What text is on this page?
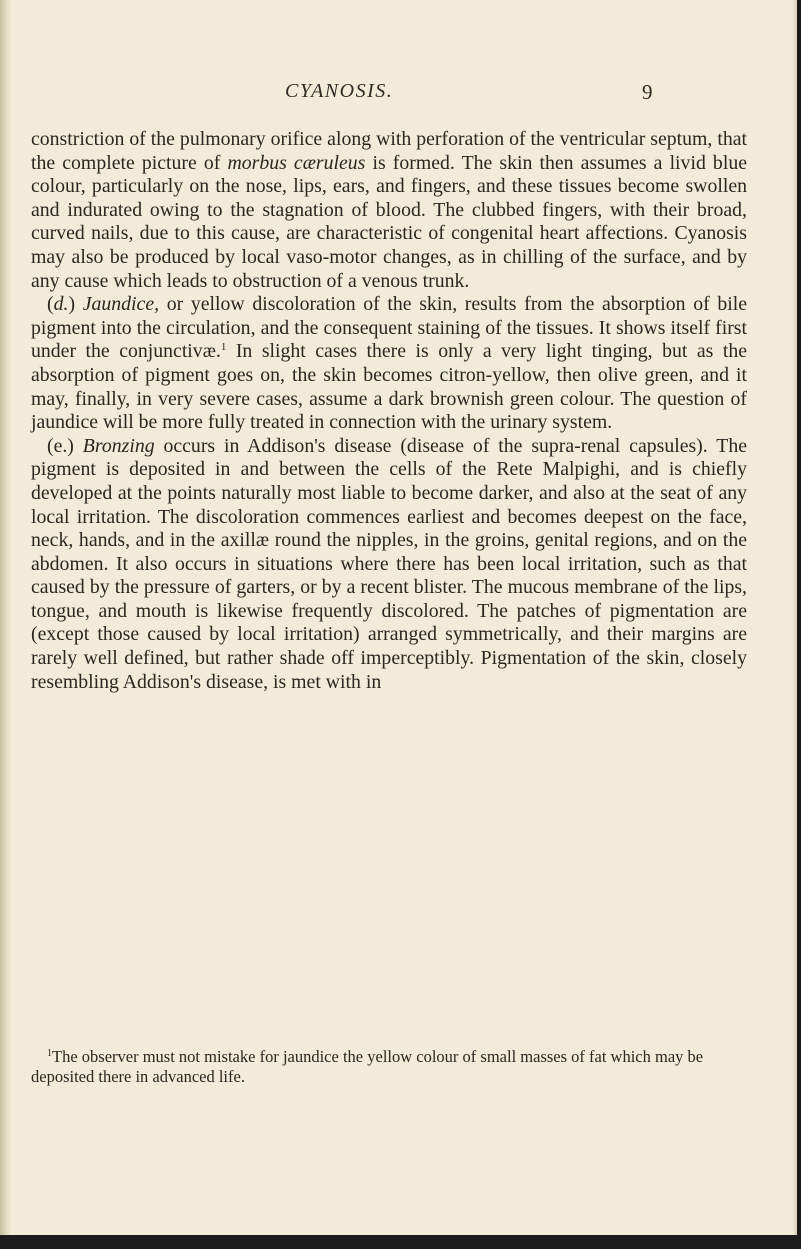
CYANOSIS.	9

constriction of the pulmonary orifice along with perforation of the ventricular septum, that the complete picture of morbus cæruleus is formed. The skin then assumes a livid blue colour, particularly on the nose, lips, ears, and fingers, and these tissues become swollen and indurated owing to the stagnation of blood. The clubbed fingers, with their broad, curved nails, due to this cause, are characteristic of congenital heart affections. Cyanosis may also be produced by local vaso-motor changes, as in chilling of the surface, and by any cause which leads to obstruction of a venous trunk.

(d.) Jaundice, or yellow discoloration of the skin, results from the absorption of bile pigment into the circulation, and the consequent staining of the tissues. It shows itself first under the conjunctivæ.$^1$ In slight cases there is only a very light tinging, but as the absorption of pigment goes on, the skin becomes citron-yellow, then olive green, and it may, finally, in very severe cases, assume a dark brownish green colour. The question of jaundice will be more fully treated in connection with the urinary system.

(e.) Bronzing occurs in Addison's disease (disease of the supra-renal capsules). The pigment is deposited in and between the cells of the Rete Malpighi, and is chiefly developed at the points naturally most liable to become darker, and also at the seat of any local irritation. The discoloration commences earliest and becomes deepest on the face, neck, hands, and in the axillæ round the nipples, in the groins, genital regions, and on the abdomen. It also occurs in situations where there has been local irritation, such as that caused by the pressure of garters, or by a recent blister. The mucous membrane of the lips, tongue, and mouth is likewise frequently discolored. The patches of pigmentation are (except those caused by local irritation) arranged symmetrically, and their margins are rarely well defined, but rather shade off imperceptibly. Pigmentation of the skin, closely resembling Addison's disease, is met with in

$^1$The observer must not mistake for jaundice the yellow colour of small masses of fat which may be deposited there in advanced life.
